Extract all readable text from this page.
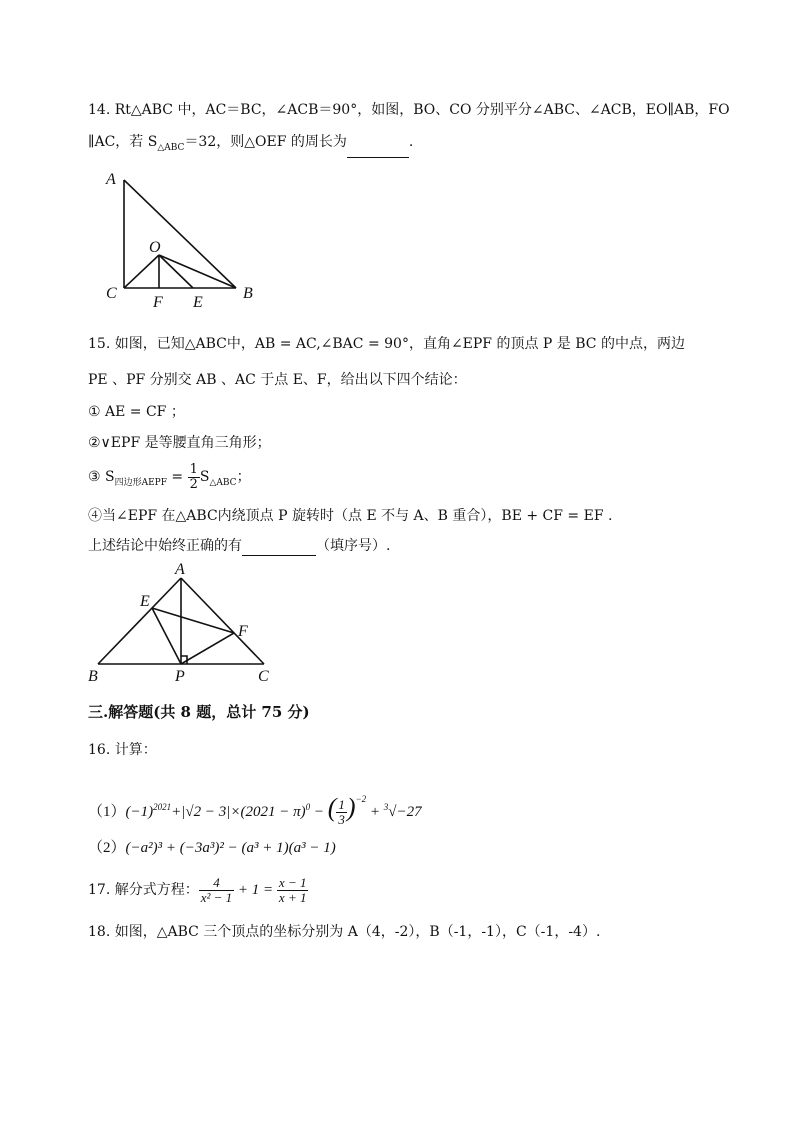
14. Rt△ABC 中，AC＝BC，∠ACB＝90°，如图，BO、CO 分别平分∠ABC、∠ACB，EO∥AB，FO
∥AC，若 $S_{\triangle ABC}=32$，则△OEF 的周长为	.
A
C	B
O
F E
15. 如图，已知△ABC中，AB = AC,∠BAC = 90°，直角∠EPF 的顶点 P 是 BC 的中点，两边
PE 、PF 分别交 AB 、AC 于点 E、F，给出以下四个结论：
① AE = CF ；
②∨EPF 是等腰直角三角形；
③ $S_{四边形AEPF} = \frac{1}{2} S_{\triangle ABC}$；
④当∠EPF 在△ABC内绕顶点 P 旋转时（点 E 不与 A、B 重合），BE + CF = EF .
上述结论中始终正确的有	（填序号）.
A
E
F
B	P	C
三.解答题(共 8 题，总计 75 分)
16. 计算：
$(1)(-1)^{2021}+|√2 - 3|\times(2021 - \pi)^0$ − ( $\frac{1}{3} )^{-2} + ^3√-27$
（2）(−a²)³ + (−3a³)² − (a³ + 1)(a³ − 1)
17. 解分式方程： $\frac{4}{\text{x² − 1}} + 1 = \frac{x - 1}{x + 1}$
18. 如图，△ABC 三个顶点的坐标分别为 A（4，-2），B（-1，-1），C（-1，-4）.
